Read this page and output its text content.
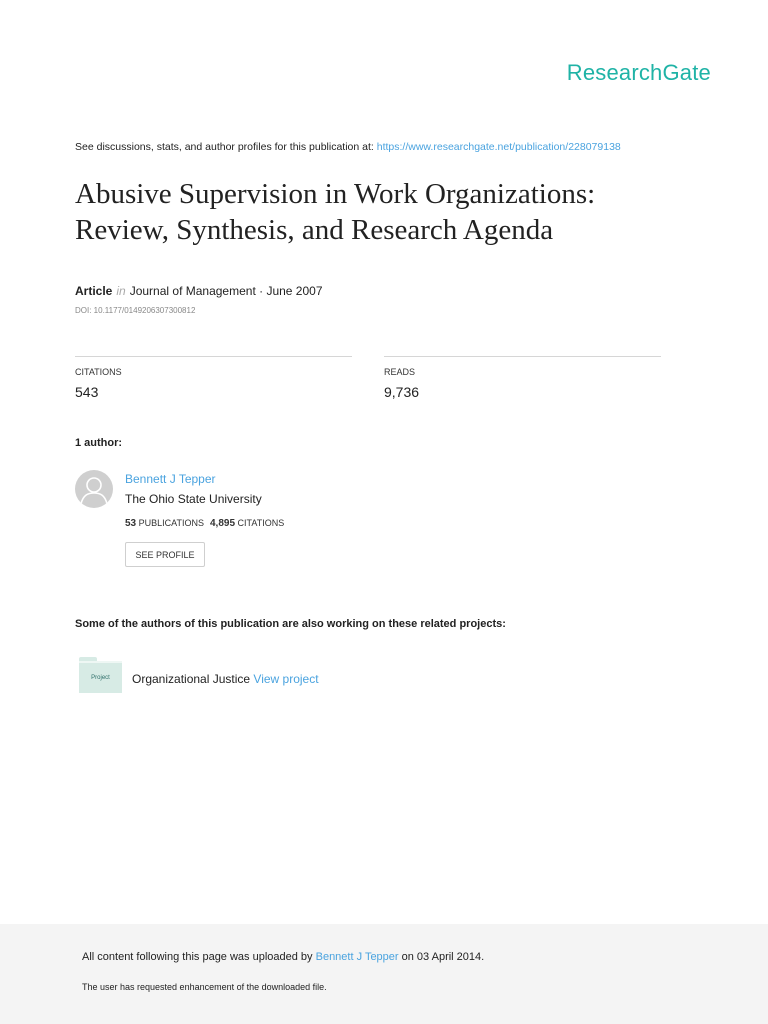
ResearchGate
See discussions, stats, and author profiles for this publication at: https://www.researchgate.net/publication/228079138
Abusive Supervision in Work Organizations:
Review, Synthesis, and Research Agenda
Article in Journal of Management · June 2007
DOI: 10.1177/0149206307300812
CITATIONS
543
READS
9,736
1 author:
Bennett J Tepper
The Ohio State University
53 PUBLICATIONS 4,895 CITATIONS
SEE PROFILE
Some of the authors of this publication are also working on these related projects:
Project	Organizational Justice View project
All content following this page was uploaded by Bennett J Tepper on 03 April 2014.
The user has requested enhancement of the downloaded file.
